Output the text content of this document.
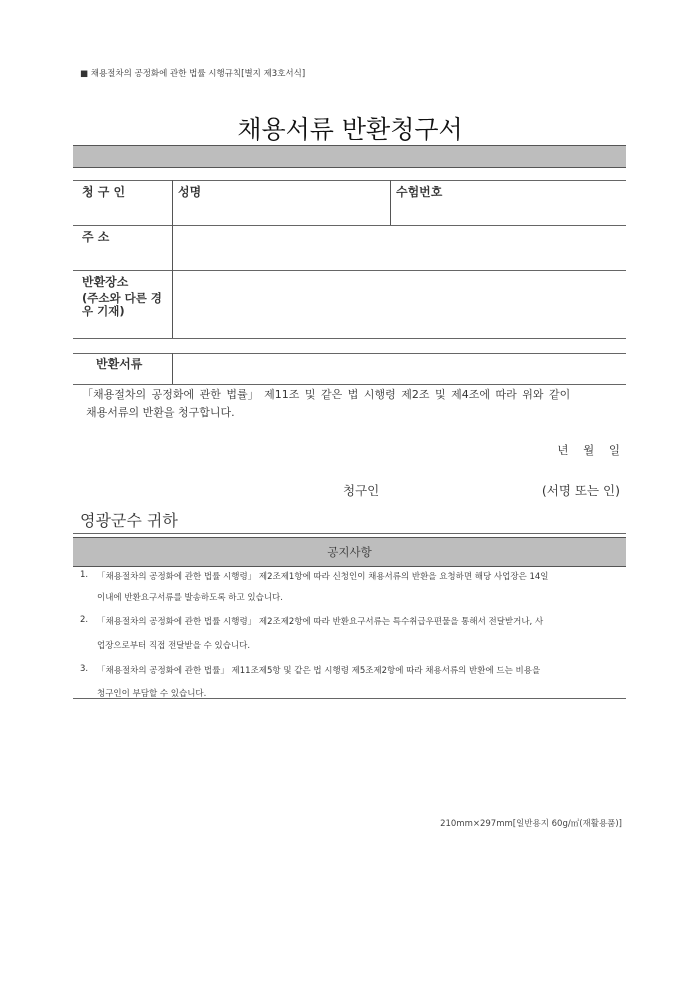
■ 채용절차의 공정화에 관한 법률 시행규칙[별지 제3호서식]
채용서류 반환청구서
청 구 인	성명	수험번호
주 소
반환장소
(주소와 다른 경
우 기재)
반환서류
「채용절차의 공정화에 관한 법률」 제11조 및 같은 법 시행령 제2조 및 제4조에 따라 위와 같이
채용서류의 반환을 청구합니다.
년    월    일
청구인	(서명 또는 인)
영광군수 귀하
공지사항
1. 「채용절차의 공정화에 관한 법률 시행령」 제2조제1항에 따라 신청인이 채용서류의 반환을 요청하면 해당 사업장은 14일
이내에 반환요구서류를 발송하도록 하고 있습니다.
2. 「채용절차의 공정화에 관한 법률 시행령」 제2조제2항에 따라 반환요구서류는 특수취급우편물을 통해서 전달받거나, 사
업장으로부터 직접 전달받을 수 있습니다.
3. 「채용절차의 공정화에 관한 법률」 제11조제5항 및 같은 법 시행령 제5조제2항에 따라 채용서류의 반환에 드는 비용을
청구인이 부담할 수 있습니다.
210mm×297mm[일반용지 60g/㎡(재활용품)]
